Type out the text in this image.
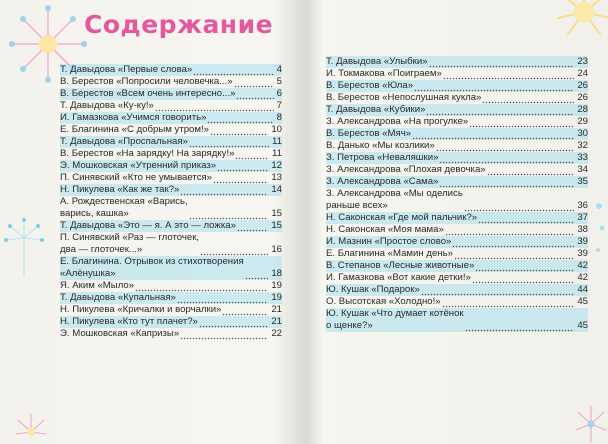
Содержание
Т. Давыдова «Первые слова»	4
В. Берестов «Попросили человечка...»	5
В. Берестов «Всем очень интересно...»	6
Т. Давыдова «Ку-ку!»	7
И. Гамазкова «Учимся говорить»	8
Е. Благинина «С добрым утром!»	10
Т. Давыдова «Проспальная»	11
В. Берестов «На зарядку! На зарядку!»	11
Э. Мошковская «Утренний приказ»	12
П. Синявский «Кто не умывается»	13
Н. Пикулева «Как же так?»	14
А. Рождественская «Варись,
варись, кашка»	15
Т. Давыдова «Это — я. А это — ложка»	15
П. Синявский «Раз — глоточек,
два — глоточек...»	16
Е. Благинина. Отрывок из стихотворения
«Алёнушка»	18
Я. Аким «Мыло»	19
Т. Давыдова «Купальная»	19
Н. Пикулева «Кричалки и ворчалки»	21
Н. Пикулева «Кто тут плачет?»	21
Э. Мошковская «Капризы»	22
Т. Давыдова «Улыбки»	23
И. Токмакова «Поиграем»	24
В. Берестов «Юла»	26
В. Берестов «Непослушная кукла»	26
Т. Давыдова «Кубики»	28
З. Александрова «На прогулке»	29
В. Берестов «Мяч»	30
В. Данько «Мы козлики»	32
З. Петрова «Неваляшки»	33
З. Александрова «Плохая девочка»	34
З. Александрова «Сама»	35
З. Александрова «Мы оделись
раньше всех»	36
Н. Саконская «Где мой пальчик?»	37
Н. Саконская «Моя мама»	38
И. Мазнин «Простое слово»	39
Е. Благинина «Мамин день»	39
В. Степанов «Лесные животные»	42
И. Гамазкова «Вот какие детки!»	42
Ю. Кушак «Подарок»	44
О. Высотская «Холодно!»	45
Ю. Кушак «Что думает котёнок
о щенке?»	45
